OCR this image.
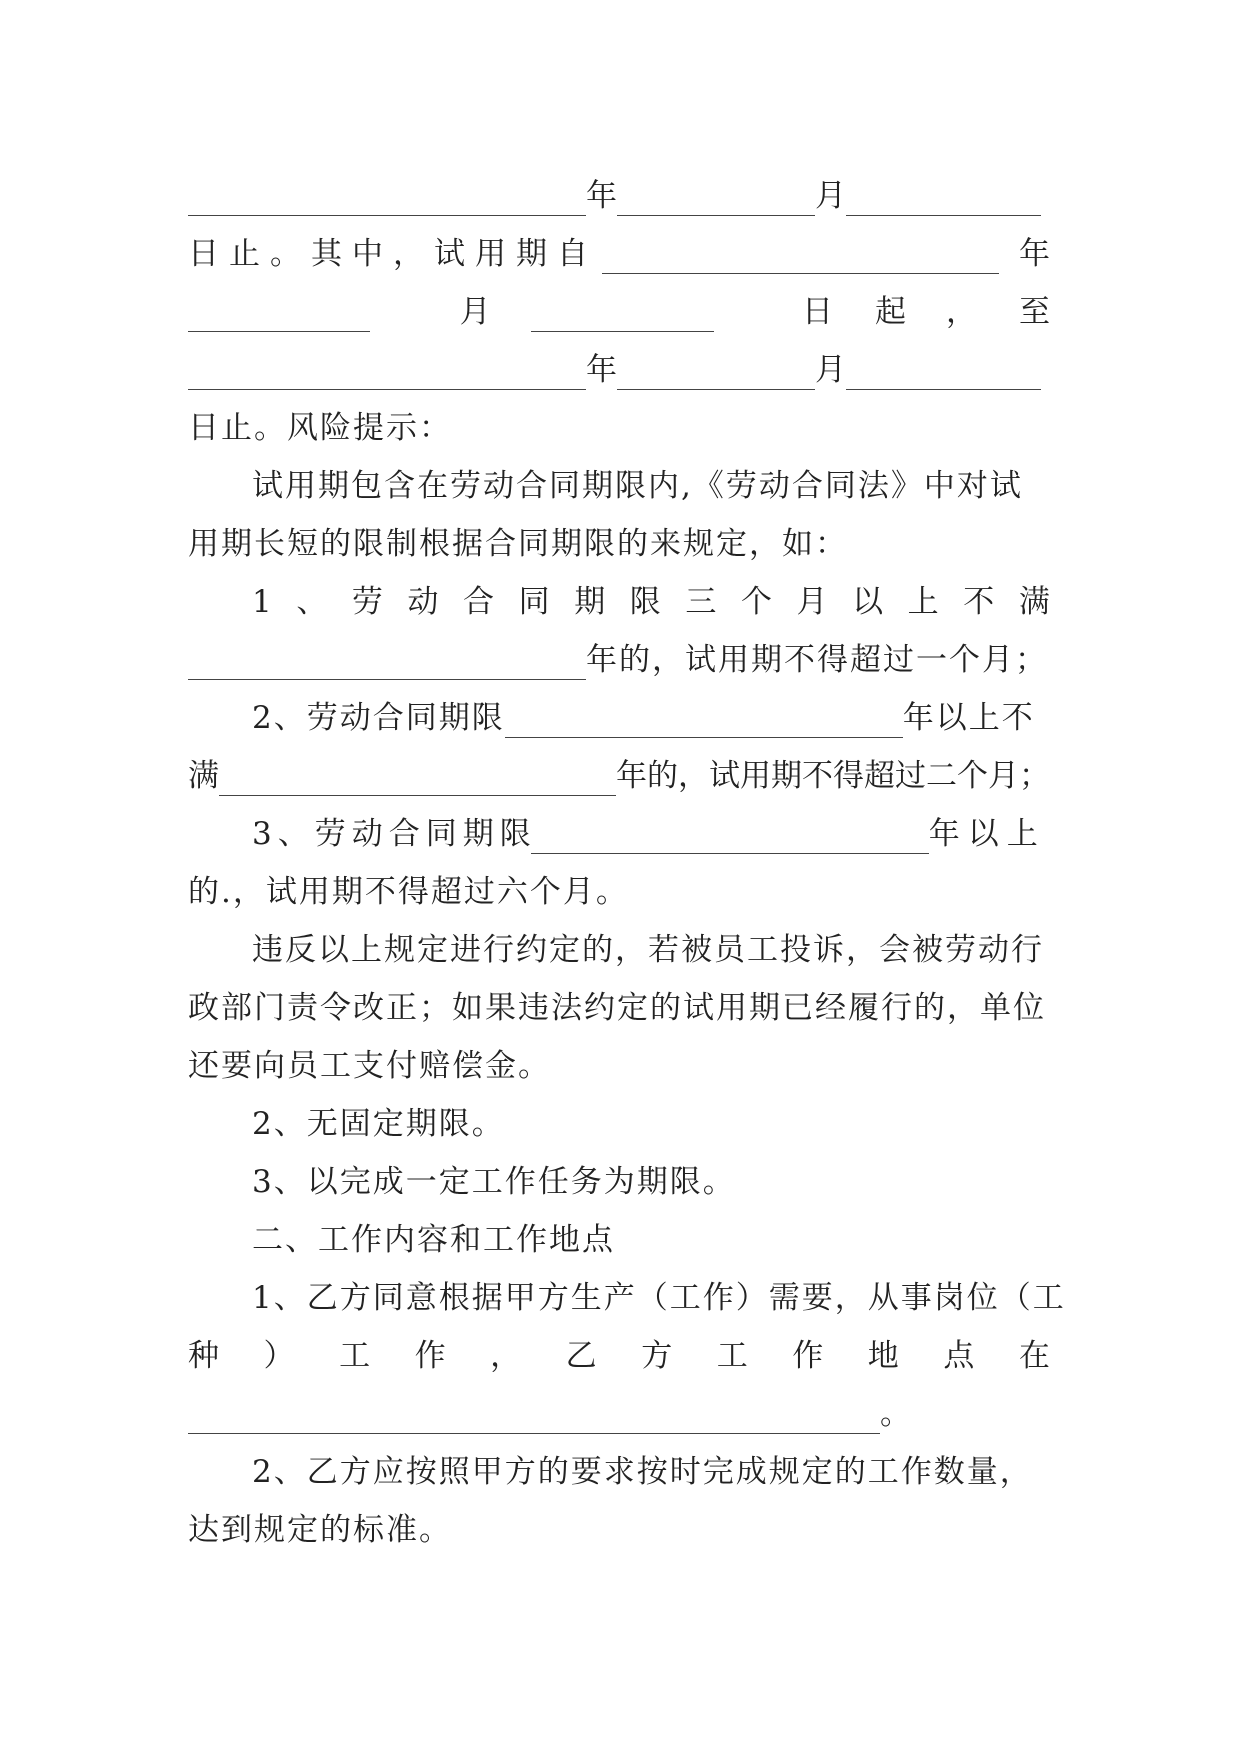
年	月
日止。其中，试用期自	年
月	日 起 ， 至
年	月
日止。风险提示：
试用期包含在劳动合同期限内,《劳动合同法》中对试
用期长短的限制根据合同期限的来规定，如：
1 、 劳 动 合 同 期 限 三 个 月 以 上 不 满
年的，试用期不得超过一个月；
2、劳动合同期限	年以上不
满	年的，试用期不得超过二个月；
3、劳动合同期限	年以上
的.，试用期不得超过六个月。
违反以上规定进行约定的，若被员工投诉，会被劳动行
政部门责令改正；如果违法约定的试用期已经履行的，单位
还要向员工支付赔偿金。
2、无固定期限。
3、以完成一定工作任务为期限。
二、工作内容和工作地点
1、乙方同意根据甲方生产（工作）需要，从事岗位（工
种 ） 工 作 ， 乙 方 工 作 地 点 在
。
2、乙方应按照甲方的要求按时完成规定的工作数量，
达到规定的标准。
